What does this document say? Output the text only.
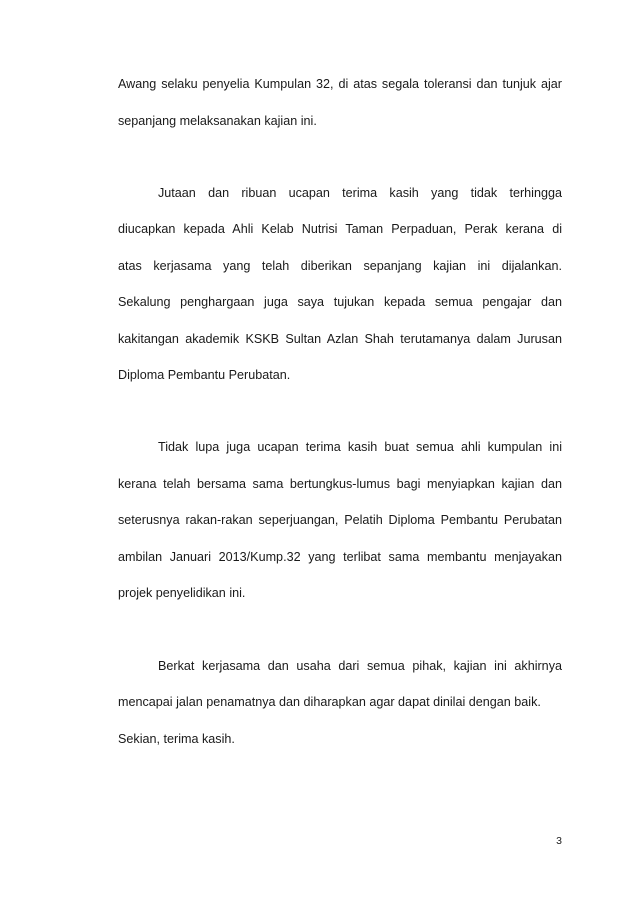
Awang selaku penyelia Kumpulan 32, di atas segala toleransi dan tunjuk ajar
sepanjang melaksanakan kajian ini.
Jutaan dan ribuan ucapan terima kasih yang tidak terhingga
diucapkan kepada Ahli Kelab Nutrisi Taman Perpaduan, Perak kerana di
atas kerjasama yang telah diberikan sepanjang kajian ini dijalankan.
Sekalung penghargaan juga saya tujukan kepada semua pengajar dan
kakitangan akademik KSKB Sultan Azlan Shah terutamanya dalam Jurusan
Diploma Pembantu Perubatan.
Tidak lupa juga ucapan terima kasih buat semua ahli kumpulan ini
kerana telah bersama sama bertungkus-lumus bagi menyiapkan kajian dan
seterusnya rakan-rakan seperjuangan, Pelatih Diploma Pembantu Perubatan
ambilan Januari 2013/Kump.32 yang terlibat sama membantu menjayakan
projek penyelidikan ini.
Berkat kerjasama dan usaha dari semua pihak, kajian ini akhirnya
mencapai jalan penamatnya dan diharapkan agar dapat dinilai dengan baik.
Sekian, terima kasih.
3
